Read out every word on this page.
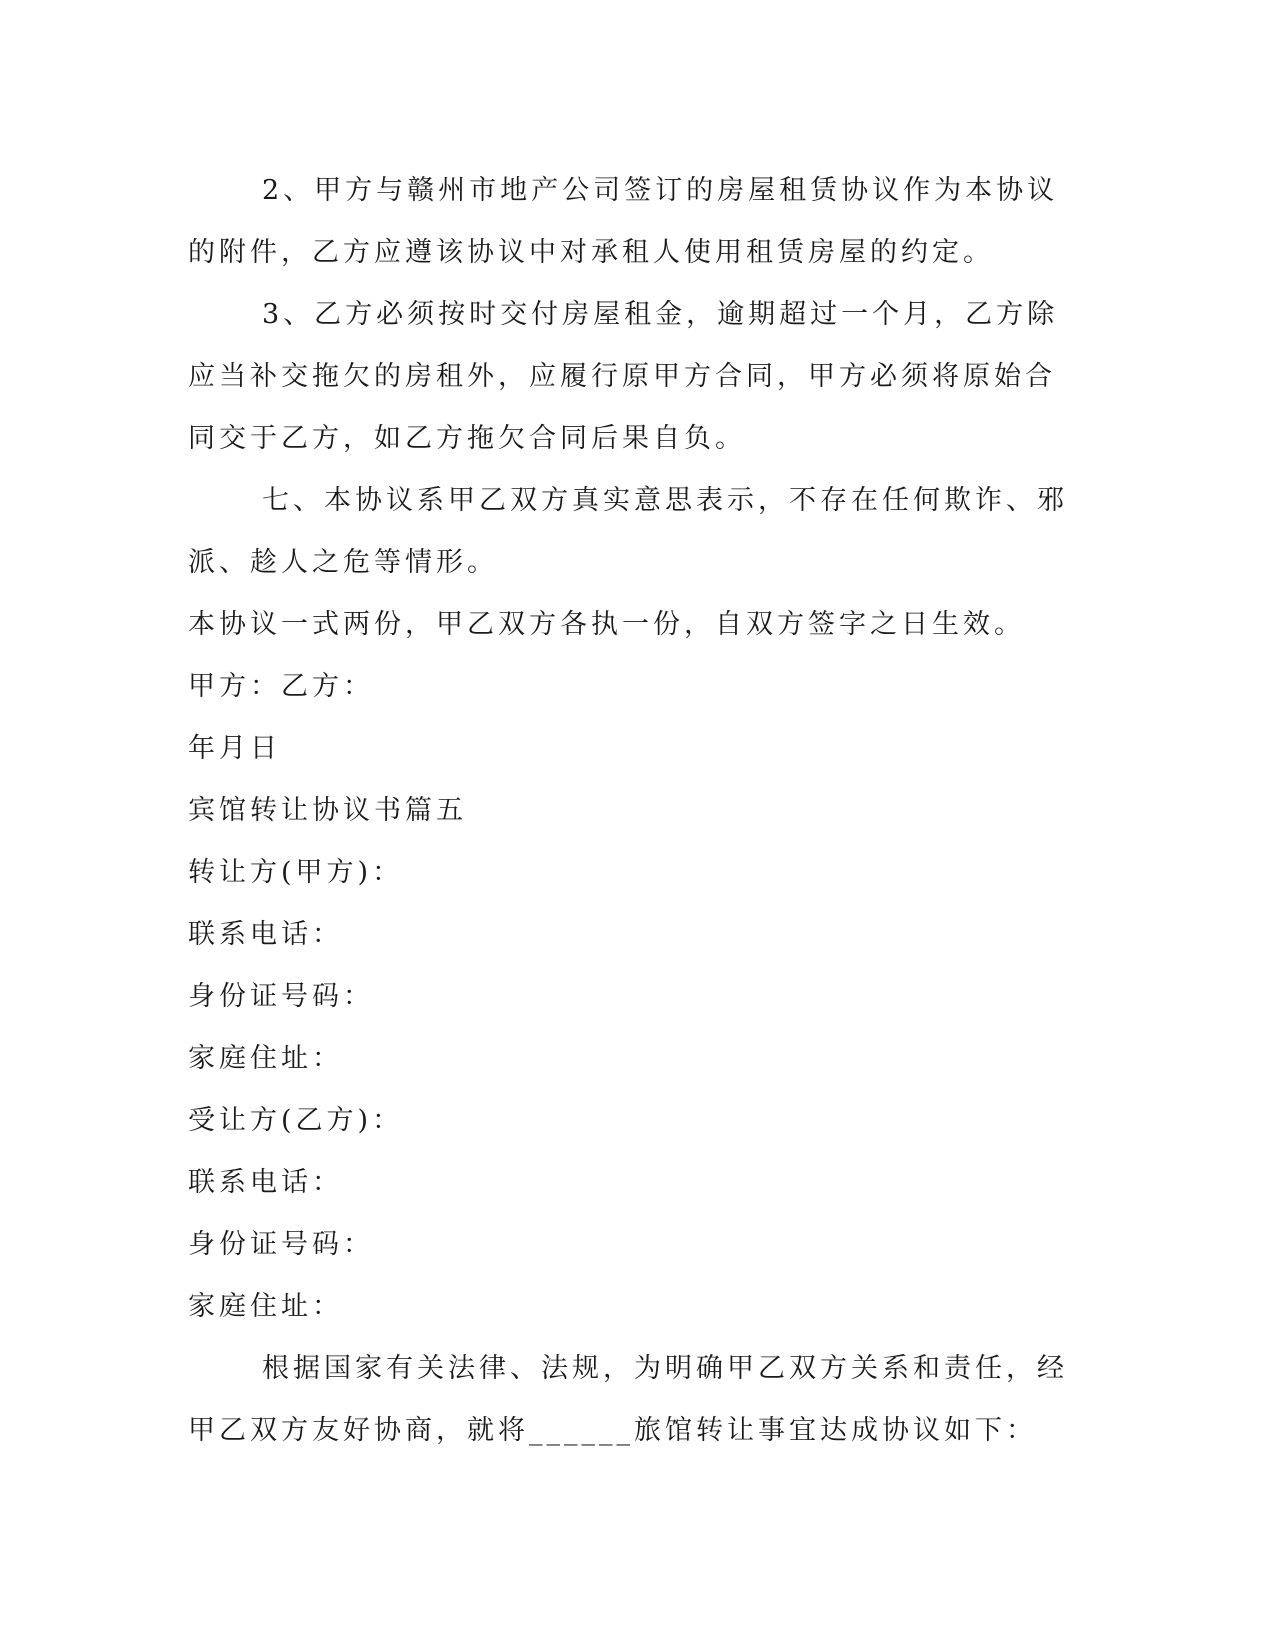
2、甲方与赣州市地产公司签订的房屋租赁协议作为本协议的附件，乙方应遵该协议中对承租人使用租赁房屋的约定。

3、乙方必须按时交付房屋租金，逾期超过一个月，乙方除应当补交拖欠的房租外，应履行原甲方合同，甲方必须将原始合同交于乙方，如乙方拖欠合同后果自负。

七、本协议系甲乙双方真实意思表示，不存在任何欺诈、邪派、趁人之危等情形。

本协议一式两份，甲乙双方各执一份，自双方签字之日生效。

甲方：乙方：

年月日

宾馆转让协议书篇五

转让方(甲方)：

联系电话：

身份证号码：

家庭住址：

受让方(乙方)：

联系电话：

身份证号码：

家庭住址：

根据国家有关法律、法规，为明确甲乙双方关系和责任，经甲乙双方友好协商，就将______旅馆转让事宜达成协议如下：
